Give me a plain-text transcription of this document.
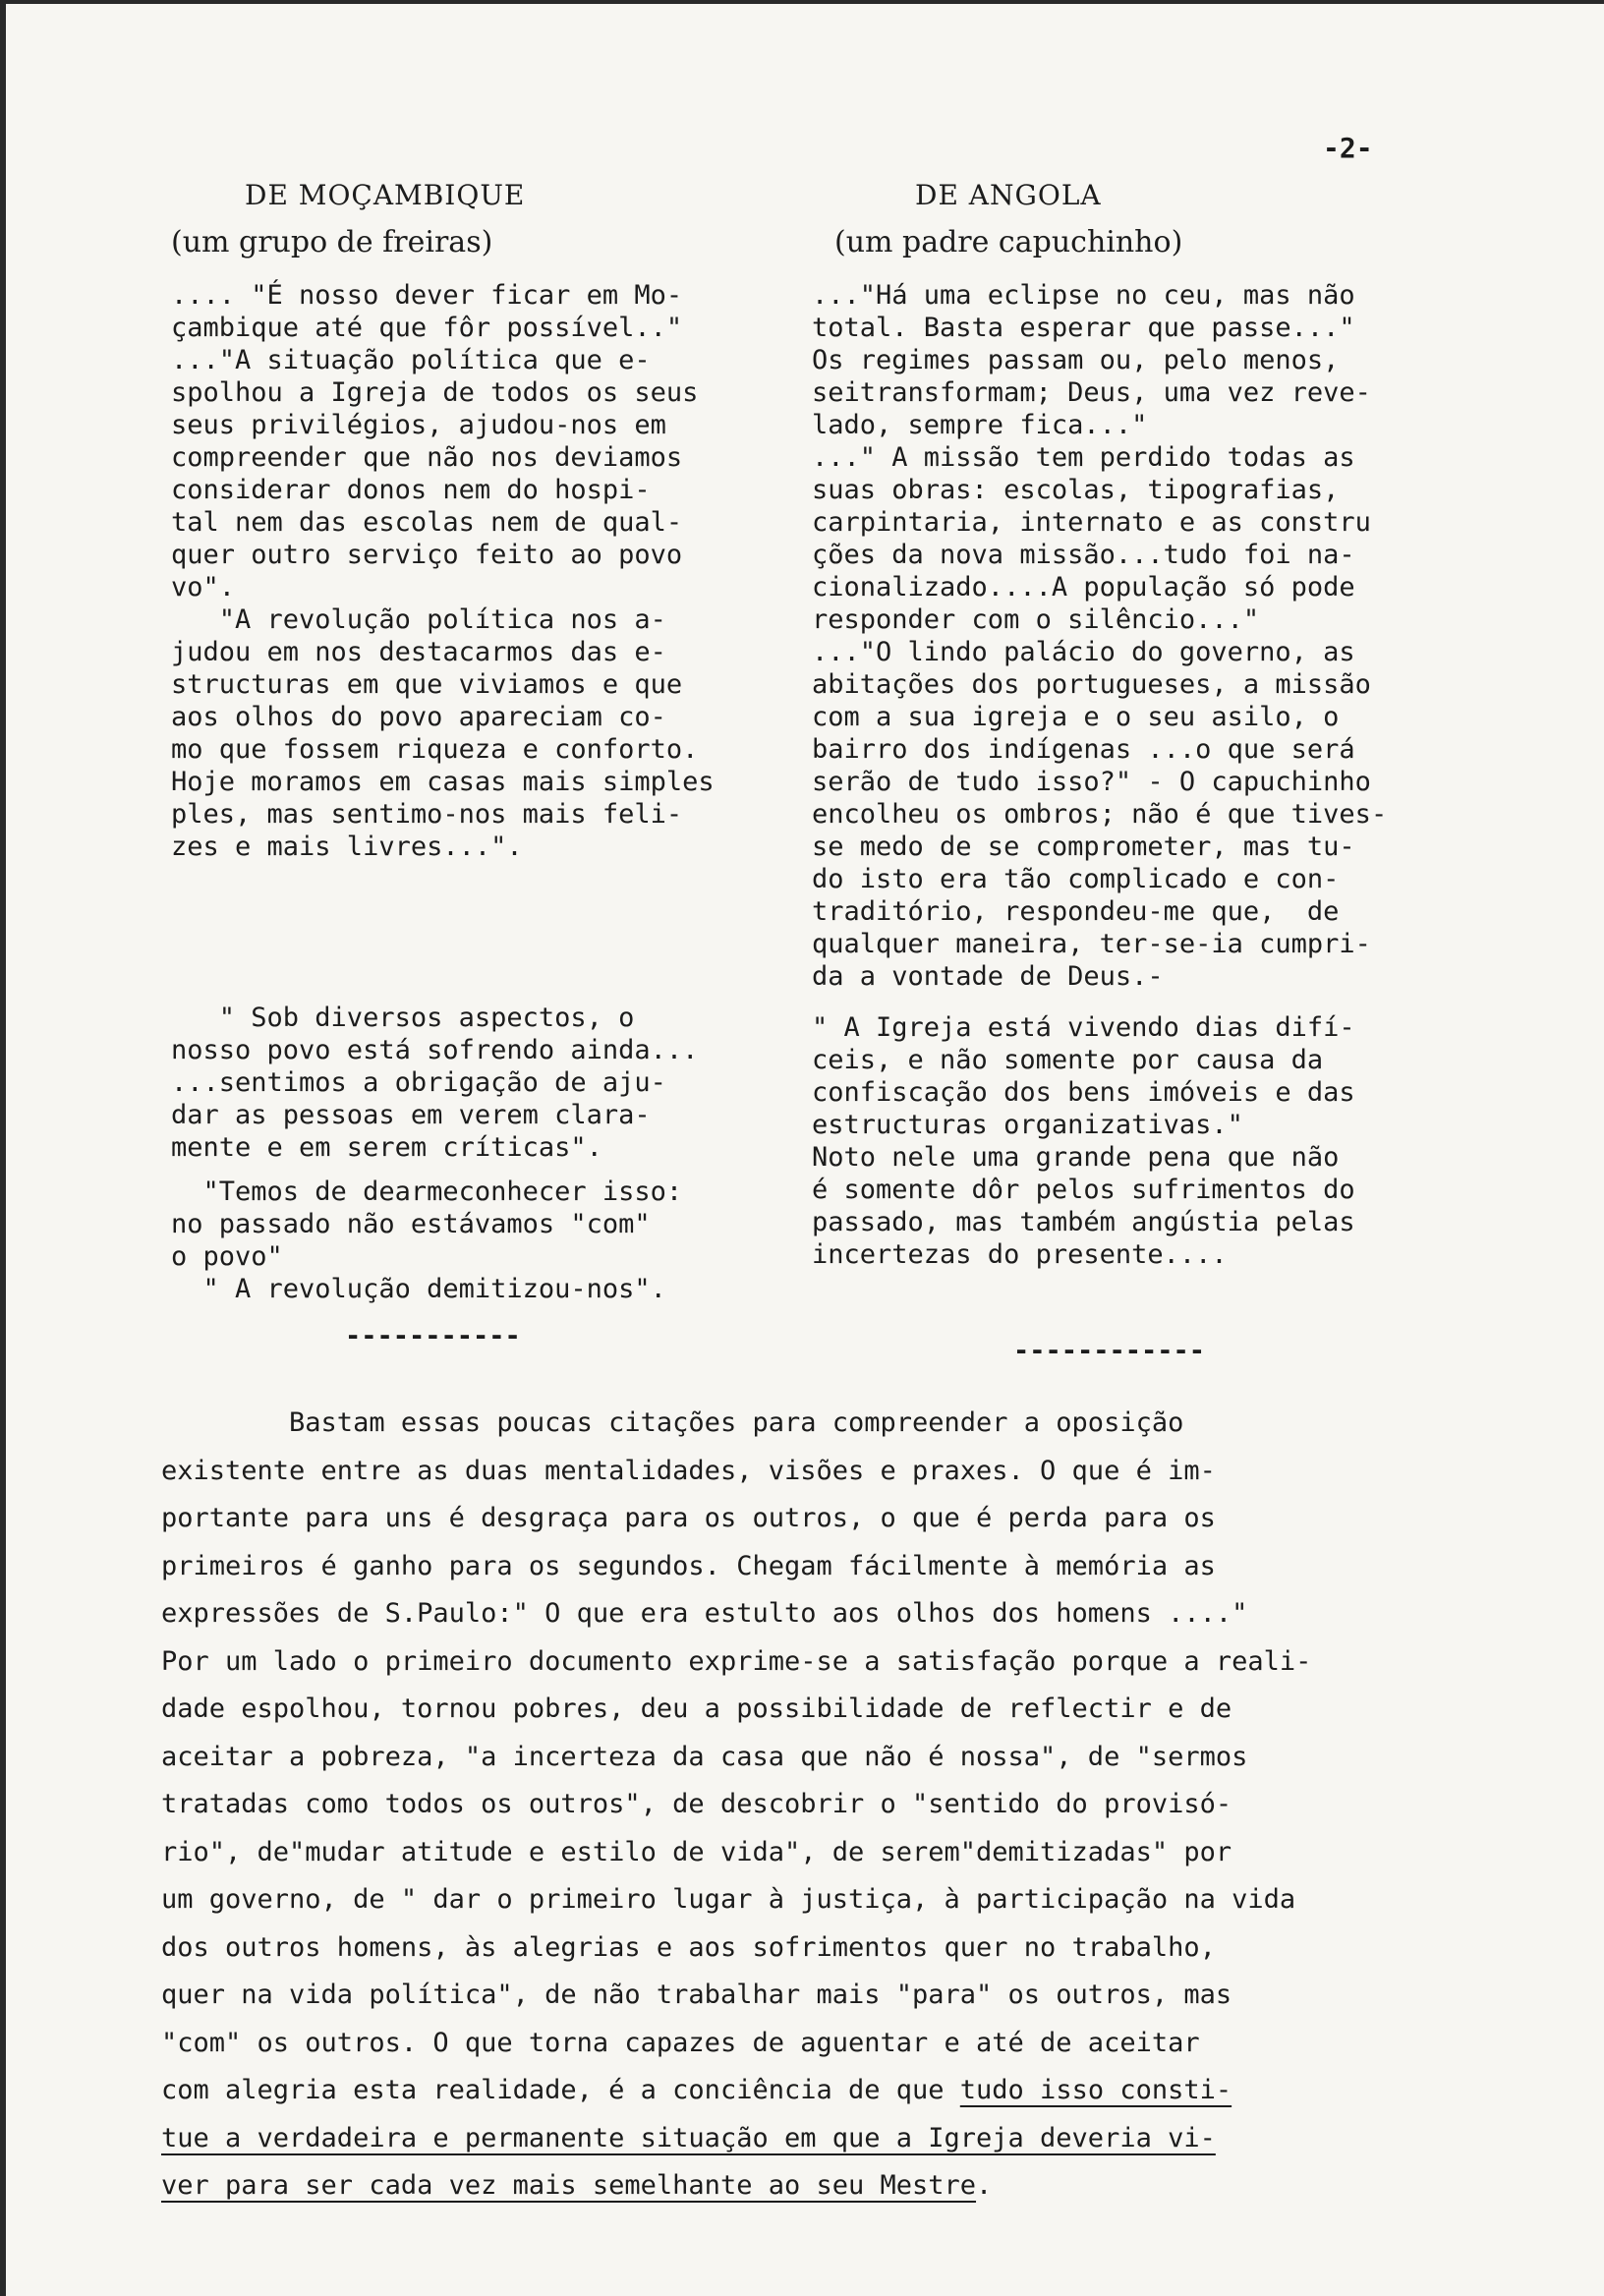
-2-
DE MOÇAMBIQUE
(um grupo de freiras)
.... "É nosso dever ficar em Mo-
çambique até que fôr possível.."
..."A situação política que e-
spolhou a Igreja de todos os seus
seus privilégios, ajudou-nos em
compreender que não nos deviamos
considerar donos nem do hospi-
tal nem das escolas nem de qual-
quer outro serviço feito ao povo
vo".
"A revolução política nos a-
judou em nos destacarmos das e-
structuras em que viviamos e que
aos olhos do povo apareciam co-
mo que fossem riqueza e conforto.
Hoje moramos em casas mais simples
ples, mas sentimo-nos mais feli-
zes e mais livres...".
" Sob diversos aspectos, o
nosso povo está sofrendo ainda...
...sentimos a obrigação de aju-
dar as pessoas em verem clara-
mente e em serem críticas".
"Temos de dearmeconhecer isso:
no passado não estávamos "com"
o povo"
" A revolução demitizou-nos".
-----------
DE ANGOLA
(um padre capuchinho)
..."Há uma eclipse no ceu, mas não
total. Basta esperar que passe..."
Os regimes passam ou, pelo menos,
seitransformam; Deus, uma vez reve-
lado, sempre fica..."
..." A missão tem perdido todas as
suas obras: escolas, tipografias,
carpintaria, internato e as constru
ções da nova missão...tudo foi na-
cionalizado....A população só pode
responder com o silêncio..."
..."O lindo palácio do governo, as
abitações dos portugueses, a missão
com a sua igreja e o seu asilo, o
bairro dos indígenas ...o que será
serão de tudo isso?" - O capuchinho
encolheu os ombros; não é que tives-
se medo de se comprometer, mas tu-
do isto era tão complicado e con-
traditório, respondeu-me que,  de
qualquer maneira, ter-se-ia cumpri-
da a vontade de Deus.-
" A Igreja está vivendo dias difí-
ceis, e não somente por causa da
confiscação dos bens imóveis e das
estructuras organizativas."
Noto nele uma grande pena que não
é somente dôr pelos sufrimentos do
passado, mas também angústia pelas
incertezas do presente....
------------
Bastam essas poucas citações para compreender a oposição
existente entre as duas mentalidades, visões e praxes. O que é im-
portante para uns é desgraça para os outros, o que é perda para os
primeiros é ganho para os segundos. Chegam fácilmente à memória as
expressões de S.Paulo:" O que era estulto aos olhos dos homens ...."
Por um lado o primeiro documento exprime-se a satisfação porque a reali-
dade espolhou, tornou pobres, deu a possibilidade de reflectir e de
aceitar a pobreza, "a incerteza da casa que não é nossa", de "sermos
tratadas como todos os outros", de descobrir o "sentido do provisó-
rio", de"mudar atitude e estilo de vida", de serem"demitizadas" por
um governo, de " dar o primeiro lugar à justiça, à participação na vida
dos outros homens, às alegrias e aos sofrimentos quer no trabalho,
quer na vida política", de não trabalhar mais "para" os outros, mas
"com" os outros. O que torna capazes de aguentar e até de aceitar
com alegria esta realidade, é a conciência de que tudo isso consti-
tue a verdadeira e permanente situação em que a Igreja deveria vi-
ver para ser cada vez mais semelhante ao seu Mestre.
